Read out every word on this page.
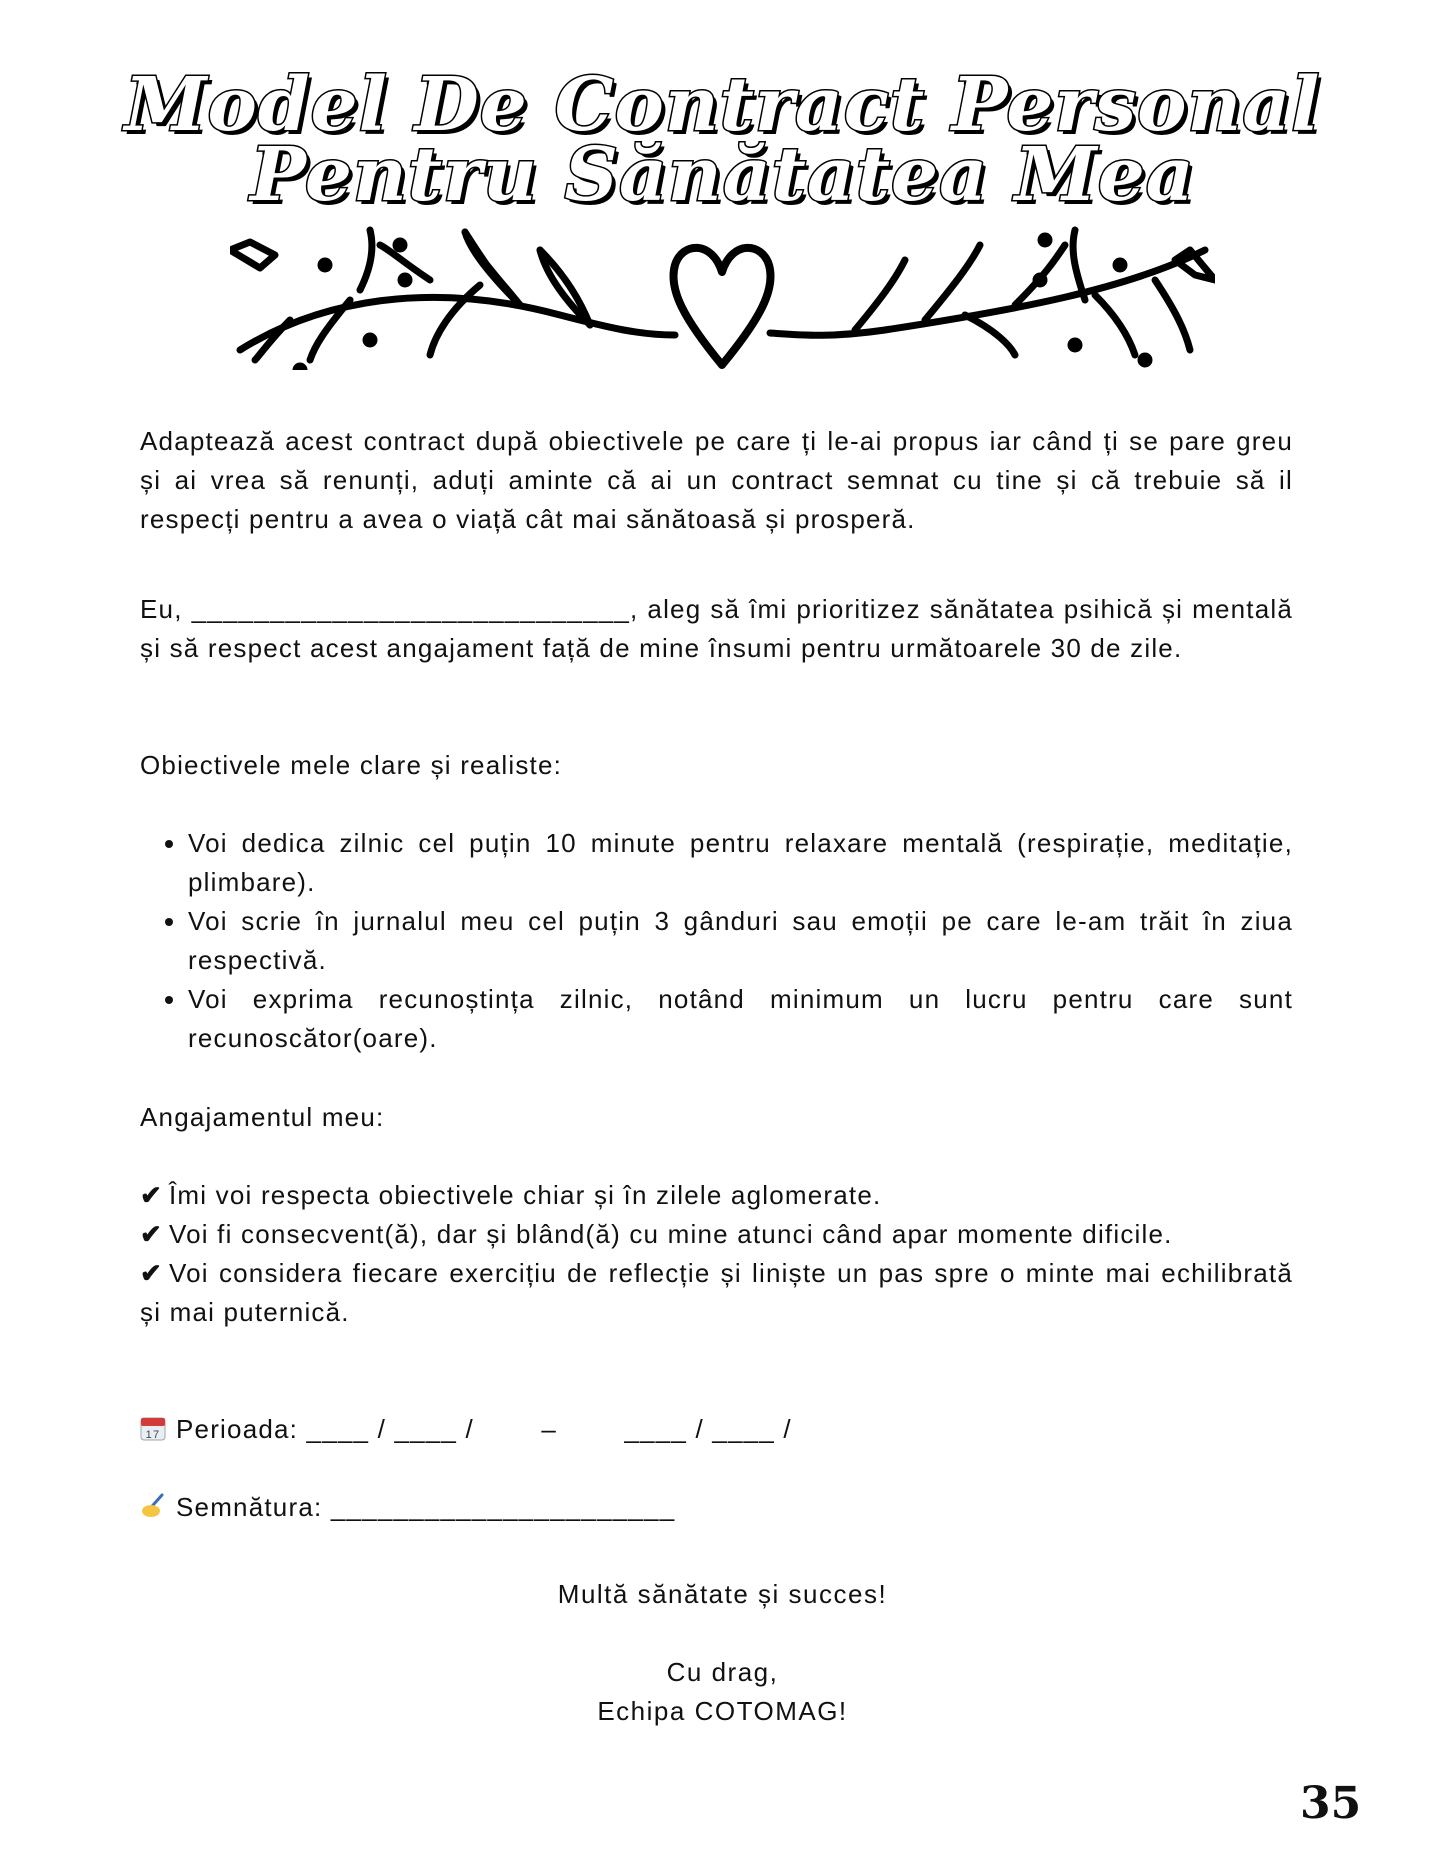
Model De Contract Personal
Pentru Sănătatea Mea
Adaptează acest contract după obiectivele pe care ți le-ai propus iar când ți se pare greu și ai vrea să renunți, aduți aminte că ai un contract semnat cu tine și că trebuie să il respecți pentru a avea o viață cât mai sănătoasă și prosperă.
Eu, ____________________________, aleg să îmi prioritizez sănătatea psihică și mentală și să respect acest angajament față de mine însumi pentru următoarele 30 de zile.
Obiectivele mele clare și realiste:
• Voi dedica zilnic cel puțin 10 minute pentru relaxare mentală (respirație, meditație, plimbare).
• Voi scrie în jurnalul meu cel puțin 3 gânduri sau emoții pe care le-am trăit în ziua respectivă.
• Voi exprima recunoștința zilnic, notând minimum un lucru pentru care sunt recunoscător(oare).
Angajamentul meu:

✔ Îmi voi respecta obiectivele chiar și în zilele aglomerate.

✔ Voi fi consecvent(ă), dar și blând(ă) cu mine atunci când apar momente dificile.

✔ Voi considera fiecare exercițiu de reflecție și liniște un pas spre o minte mai echilibrată și mai puternică.

17 Perioada: ____ / ____ /        –        ____ / ____ /
Semnătura: ______________________
Multă sănătate și succes!
Cu drag,
Echipa COTOMAG!
35
